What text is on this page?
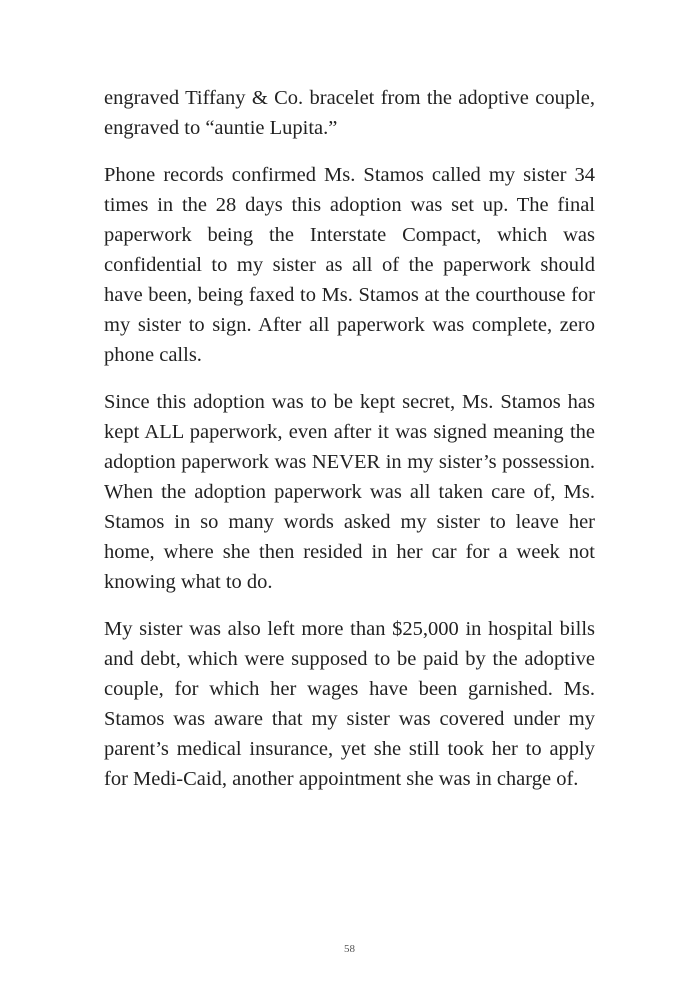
engraved Tiffany & Co. bracelet from the adoptive couple, engraved to “auntie Lupita.”

Phone records confirmed Ms. Stamos called my sister 34 times in the 28 days this adoption was set up. The final paperwork being the Interstate Compact, which was confidential to my sister as all of the paperwork should have been, being faxed to Ms. Stamos at the courthouse for my sister to sign. After all paperwork was complete, zero phone calls.

Since this adoption was to be kept secret, Ms. Stamos has kept ALL paperwork, even after it was signed meaning the adoption paperwork was NEVER in my sister’s possession. When the adoption paperwork was all taken care of, Ms. Stamos in so many words asked my sister to leave her home, where she then resided in her car for a week not knowing what to do.

My sister was also left more than $25,000 in hospital bills and debt, which were supposed to be paid by the adoptive couple, for which her wages have been garnished. Ms. Stamos was aware that my sister was covered under my parent’s medical insurance, yet she still took her to apply for Medi-Caid, another appointment she was in charge of.

58
